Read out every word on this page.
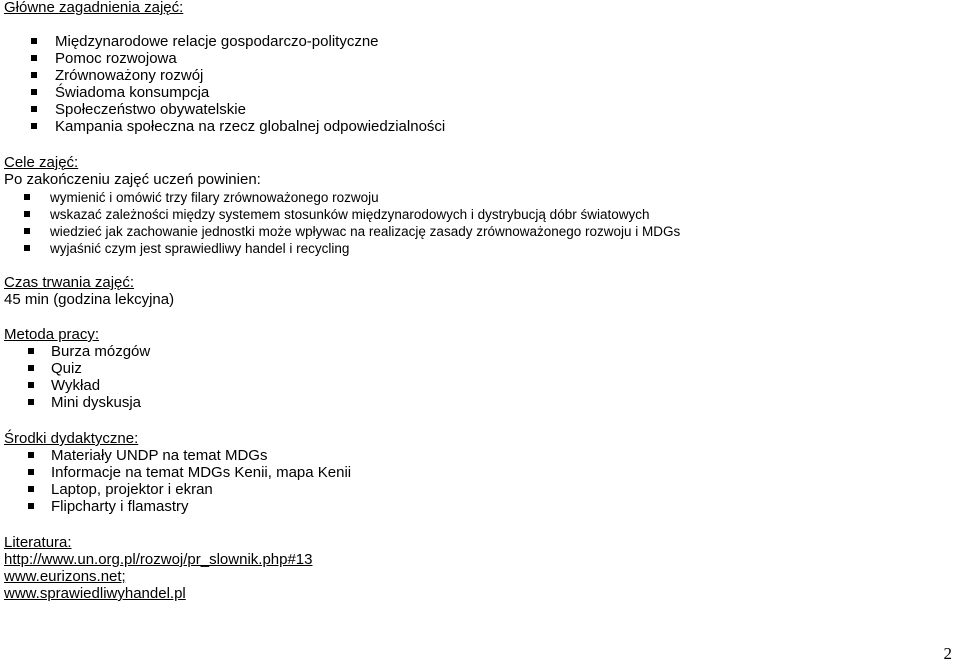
Główne zagadnienia zajęć:
Międzynarodowe relacje gospodarczo-polityczne
Pomoc rozwojowa
Zrównoważony rozwój
Świadoma konsumpcja
Społeczeństwo obywatelskie
Kampania społeczna na rzecz globalnej odpowiedzialności
Cele zajęć:

Po zakończeniu zajęć uczeń powinien:

wymienić i omówić trzy filary zrównoważonego rozwoju
wskazać zależności między systemem stosunków międzynarodowych i dystrybucją dóbr światowych
wiedzieć jak zachowanie jednostki może wpływac na realizację zasady zrównoważonego rozwoju i MDGs
wyjaśnić czym jest sprawiedliwy handel i recycling
Czas trwania zajęć:

45 min (godzina lekcyjna)

Metoda pracy:
Burza mózgów
Quiz
Wykład
Mini dyskusja
Środki dydaktyczne:
Materiały UNDP na temat MDGs
Informacje na temat MDGs Kenii, mapa Kenii
Laptop, projektor i ekran
Flipcharty i flamastry
Literatura:
http://www.un.org.pl/rozwoj/pr_slownik.php#13
www.eurizons.net;
www.sprawiedliwyhandel.pl
2
